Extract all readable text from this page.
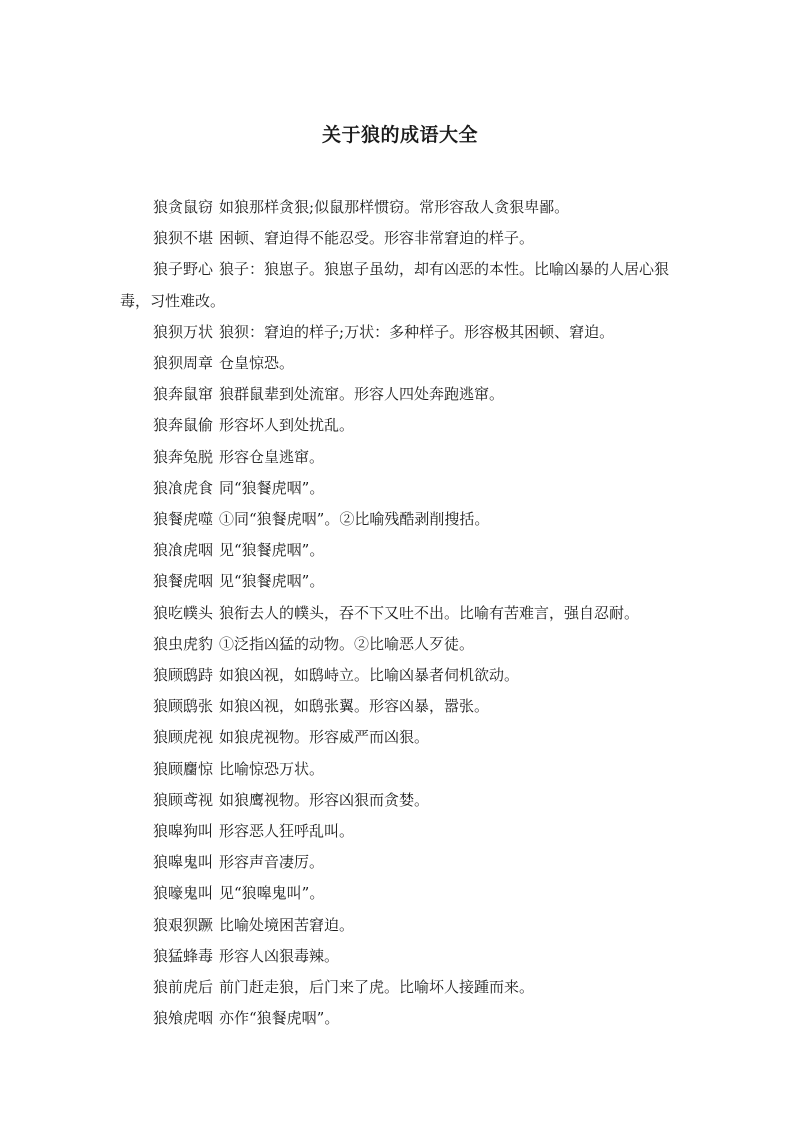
关于狼的成语大全
狼贪鼠窃 如狼那样贪狠;似鼠那样惯窃。常形容敌人贪狠卑鄙。
狼狈不堪 困顿、窘迫得不能忍受。形容非常窘迫的样子。
狼子野心 狼子：狼崽子。狼崽子虽幼，却有凶恶的本性。比喻凶暴的人居心狠毒，习性难改。
狼狈万状 狼狈：窘迫的样子;万状：多种样子。形容极其困顿、窘迫。
狼狈周章 仓皇惊恐。
狼奔鼠窜 狼群鼠辈到处流窜。形容人四处奔跑逃窜。
狼奔鼠偷 形容坏人到处扰乱。
狼奔兔脱 形容仓皇逃窜。
狼飡虎食 同“狼餐虎咽”。
狼餐虎噬 ①同“狼餐虎咽”。②比喻残酷剥削搜括。
狼飡虎咽 见“狼餐虎咽”。
狼餐虎咽 见“狼餐虎咽”。
狼吃幞头 狼衔去人的幞头，吞不下又吐不出。比喻有苦难言，强自忍耐。
狼虫虎豹 ①泛指凶猛的动物。②比喻恶人歹徒。
狼顾鸱跱 如狼凶视，如鸱峙立。比喻凶暴者伺机欲动。
狼顾鸱张 如狼凶视，如鸱张翼。形容凶暴，嚣张。
狼顾虎视 如狼虎视物。形容威严而凶狠。
狼顾麕惊 比喻惊恐万状。
狼顾鸢视 如狼鹰视物。形容凶狠而贪婪。
狼嗥狗叫 形容恶人狂呼乱叫。
狼嗥鬼叫 形容声音凄厉。
狼嚎鬼叫 见“狼嗥鬼叫”。
狼艰狈蹶 比喻处境困苦窘迫。
狼猛蜂毒 形容人凶狠毒辣。
狼前虎后 前门赶走狼，后门来了虎。比喻坏人接踵而来。
狼飧虎咽 亦作“狼餐虎咽”。
